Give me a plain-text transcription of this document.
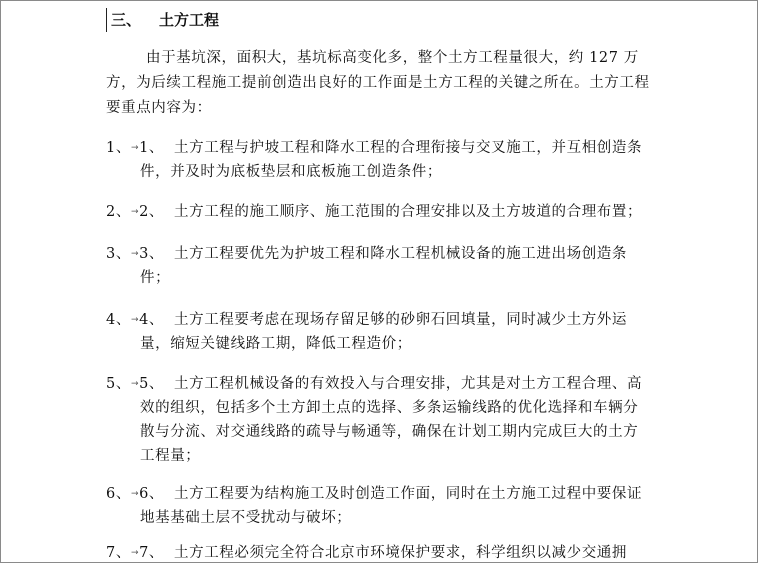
三、 土方工程
由于基坑深，面积大，基坑标高变化多，整个土方工程量很大，约 127 万方，为后续工程施工提前创造出良好的工作面是土方工程的关键之所在。土方工程要重点内容为：
1、→1、 土方工程与护坡工程和降水工程的合理衔接与交叉施工，并互相创造条件，并及时为底板垫层和底板施工创造条件；
2、→2、 土方工程的施工顺序、施工范围的合理安排以及土方坡道的合理布置；
3、→3、 土方工程要优先为护坡工程和降水工程机械设备的施工进出场创造条件；
4、→4、 土方工程要考虑在现场存留足够的砂卵石回填量，同时减少土方外运量，缩短关键线路工期，降低工程造价；
5、→5、 土方工程机械设备的有效投入与合理安排，尤其是对土方工程合理、高效的组织，包括多个土方卸土点的选择、多条运输线路的优化选择和车辆分散与分流、对交通线路的疏导与畅通等，确保在计划工期内完成巨大的土方工程量；
6、→6、 土方工程要为结构施工及时创造工作面，同时在土方施工过程中要保证地基基础土层不受扰动与破坏；
7、→7、 土方工程必须完全符合北京市环境保护要求，科学组织以减少交通拥
